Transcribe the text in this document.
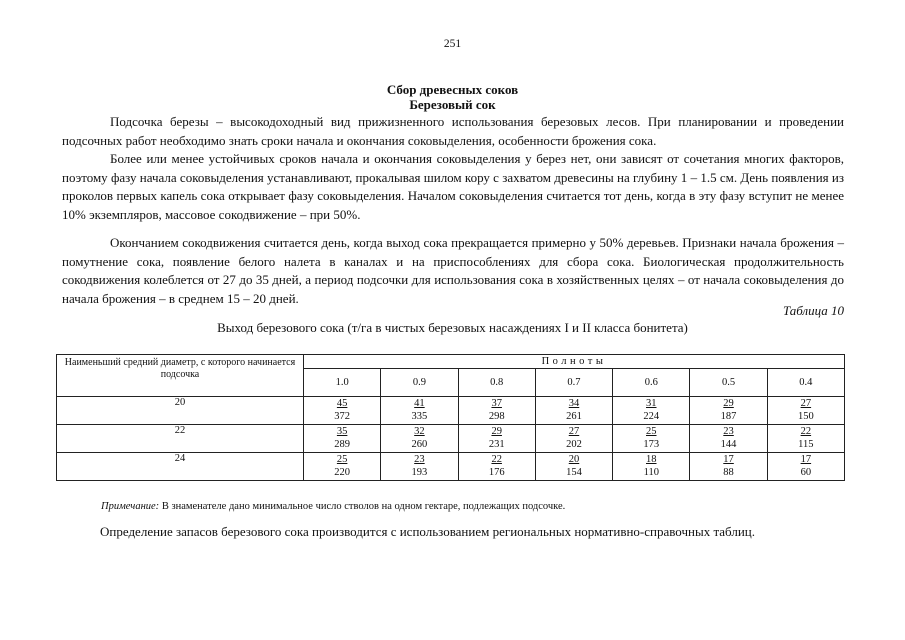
251
Сбор древесных соков
Березовый сок

Подсочка березы – высокодоходный вид прижизненного использования березовых лесов. При планировании и проведении подсочных работ необходимо знать сроки начала и окончания соковыделения, особенности брожения сока.

Более или менее устойчивых сроков начала и окончания соковыделения у берез нет, они зависят от сочетания многих факторов, поэтому фазу начала соковыделения устанавливают, прокалывая шилом кору с захватом древесины на глубину 1 – 1.5 см. День появления из проколов первых капель сока открывает фазу соковыделения. Началом соковыделения считается тот день, когда в эту фазу вступит не менее 10% экземпляров, массовое сокодвижение – при 50%.

Окончанием сокодвижения считается день, когда выход сока прекращается примерно у 50% деревьев. Признаки начала брожения – помутнение сока, появление белого налета в каналах и на приспособлениях для сбора сока. Биологическая продолжительность сокодвижения колеблется от 27 до 35 дней, а период подсочки для использования сока в хозяйственных целях – от начала соковыделения до начала брожения – в среднем 15 – 20 дней.

Таблица 10
Выход березового сока (т/га в чистых березовых насаждениях I и II класса бонитета)
Наименьший средний диаметр, с которого начинается подсочка	Полноты						
	1.0	0.9	0.8	0.7	0.6	0.5	0.4
20	45	41	37	34	31	29	27
	372	335	298	261	224	187	150
22	35	32	29	27	25	23	22
	289	260	231	202	173	144	115
24	25	23	22	20	18	17	17
	220	193	176	154	110	88	60
Примечание: В знаменателе дано минимальное число стволов на одном гектаре, подлежащих подсочке.

Определение запасов березового сока производится с использованием региональных нормативно-справочных таблиц.
